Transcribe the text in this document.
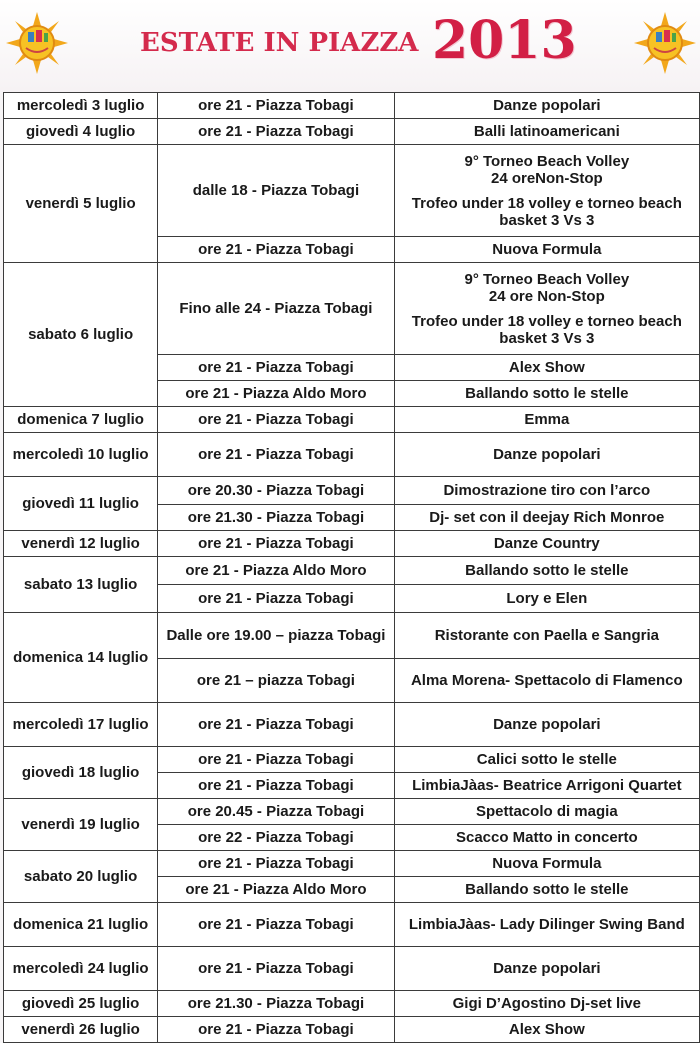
ESTATE IN PIAZZA 2013
mercoledì 3 luglio	ore 21 - Piazza Tobagi	Danze popolari
giovedì 4 luglio	ore 21 - Piazza Tobagi	Balli latinoamericani
venerdì 5 luglio	dalle 18 - Piazza Tobagi	9° Torneo Beach Volley
24 oreNon-Stop
Trofeo under 18 volley e torneo beach
basket 3 Vs 3

	ore 21 - Piazza Tobagi	Nuova Formula
sabato 6 luglio	Fino alle 24 - Piazza Tobagi	9° Torneo Beach Volley
24 ore Non-Stop
Trofeo under 18 volley e torneo beach
basket 3 Vs 3

	ore 21 - Piazza Tobagi	Alex Show
	ore 21 - Piazza Aldo Moro	Ballando sotto le stelle
domenica 7 luglio	ore 21 - Piazza Tobagi	Emma
mercoledì 10 luglio	ore 21 - Piazza Tobagi	Danze popolari
giovedì 11 luglio	ore 20.30 - Piazza Tobagi	Dimostrazione tiro con l’arco
	ore 21.30 - Piazza Tobagi	Dj- set con il deejay Rich Monroe
venerdì 12 luglio	ore 21 - Piazza Tobagi	Danze Country
sabato 13 luglio	ore 21 - Piazza Aldo Moro	Ballando sotto le stelle
	ore 21 - Piazza Tobagi	Lory e Elen
domenica 14 luglio	Dalle ore 19.00 – piazza Tobagi	Ristorante con Paella e Sangria
	ore 21 – piazza Tobagi	Alma Morena- Spettacolo di Flamenco
mercoledì 17 luglio	ore 21 - Piazza Tobagi	Danze popolari
giovedì 18 luglio	ore 21 - Piazza Tobagi	Calici sotto le stelle
	ore 21 - Piazza Tobagi	LimbiaJàas- Beatrice Arrigoni Quartet
venerdì 19 luglio	ore 20.45 - Piazza Tobagi	Spettacolo di magia
	ore 22 - Piazza Tobagi	Scacco Matto in concerto
sabato 20 luglio	ore 21 - Piazza Tobagi	Nuova Formula
	ore 21 - Piazza Aldo Moro	Ballando sotto le stelle
domenica 21 luglio	ore 21 - Piazza Tobagi	LimbiaJàas- Lady Dilinger Swing Band
mercoledì 24 luglio	ore 21 - Piazza Tobagi	Danze popolari
giovedì 25 luglio	ore 21.30 - Piazza Tobagi	Gigi D’Agostino Dj-set live
venerdì 26 luglio	ore 21 - Piazza Tobagi	Alex Show
